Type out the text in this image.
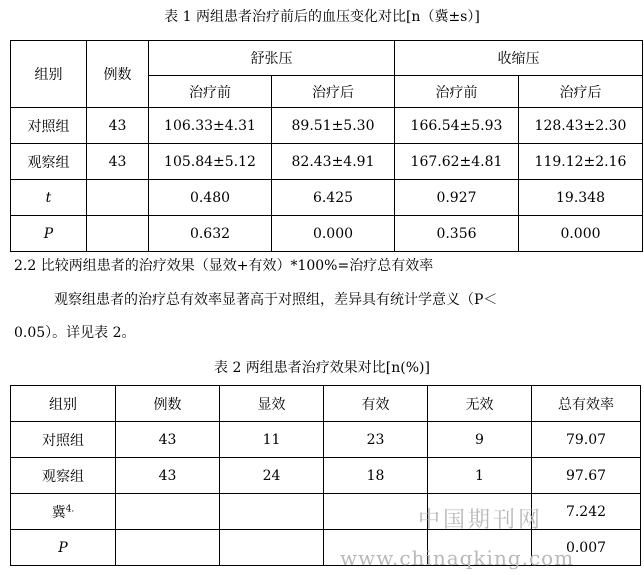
表 1 两组患者治疗前后的血压变化对比[n（冀±s）]
组别	例数	舒张压		收缩压	
		治疗前	治疗后	治疗前	治疗后
对照组	43	106.33±4.31	89.51±5.30	166.54±5.93	128.43±2.30
观察组	43	105.84±5.12	82.43±4.91	167.62±4.81	119.12±2.16
t		0.480	6.425	0.927	19.348
P		0.632	0.000	0.356	0.000
2.2 比较两组患者的治疗效果（显效+有效）*100%=治疗总有效率
观察组患者的治疗总有效率显著高于对照组，差异具有统计学意义（P＜
0.05）。详见表 2。
表 2 两组患者治疗效果对比[n(%)]
组别	例数	显效	有效	无效	总有效率
对照组	43	11	23	9	79.07
观察组	43	24	18	1	97.67
冀$^{4.}$					7.242
P					0.007
中国期刊网
www.chinaqking.com
